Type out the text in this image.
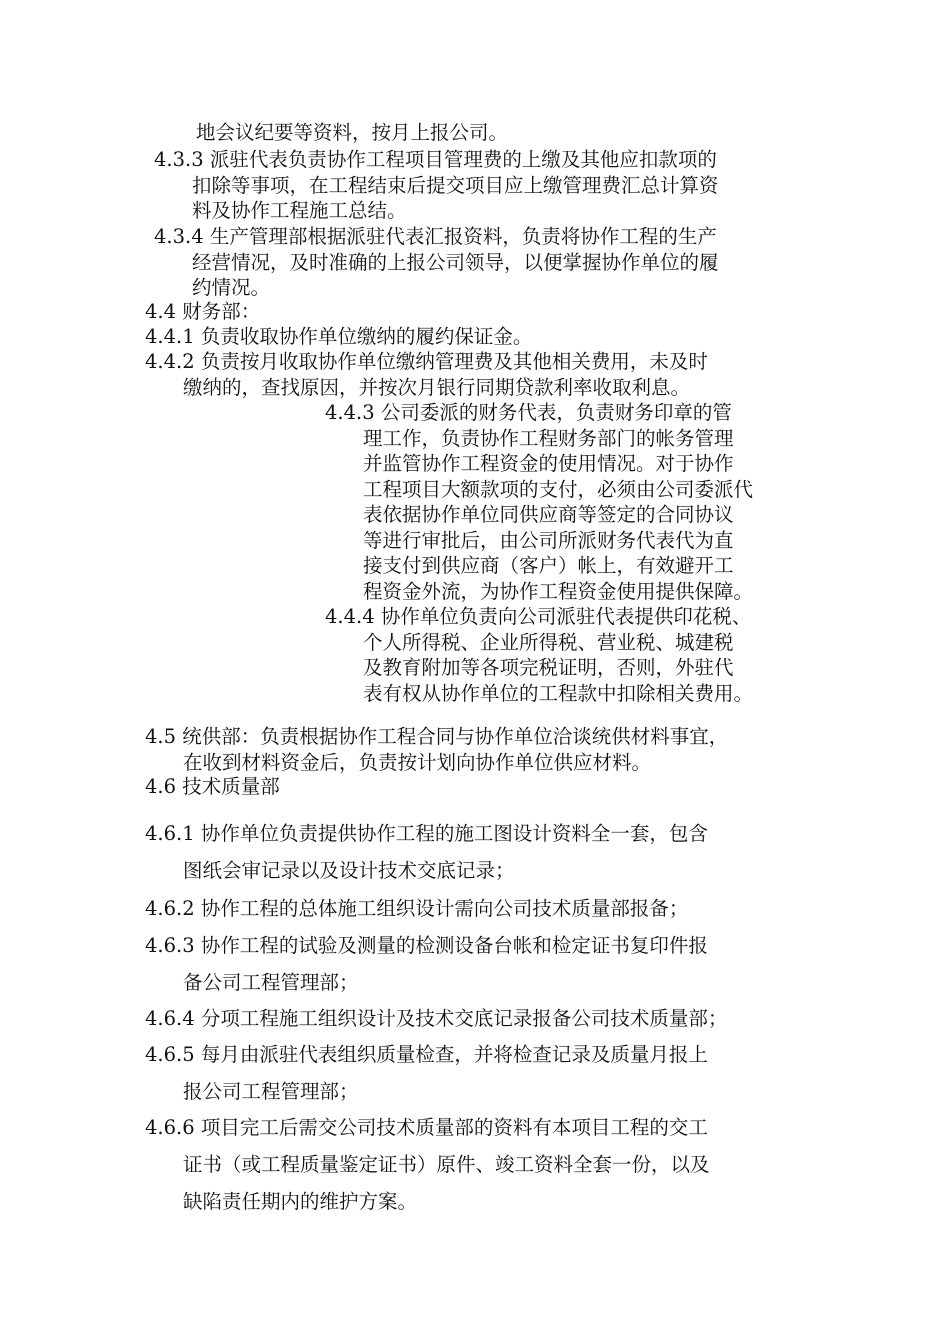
地会议纪要等资料，按月上报公司。
4.3.3 派驻代表负责协作工程项目管理费的上缴及其他应扣款项的
扣除等事项，在工程结束后提交项目应上缴管理费汇总计算资
料及协作工程施工总结。
4.3.4 生产管理部根据派驻代表汇报资料，负责将协作工程的生产
经营情况，及时准确的上报公司领导，以便掌握协作单位的履
约情况。
4.4 财务部：
4.4.1 负责收取协作单位缴纳的履约保证金。
4.4.2 负责按月收取协作单位缴纳管理费及其他相关费用，未及时
缴纳的，查找原因，并按次月银行同期贷款利率收取利息。
4.4.3 公司委派的财务代表，负责财务印章的管
理工作，负责协作工程财务部门的帐务管理
并监管协作工程资金的使用情况。对于协作
工程项目大额款项的支付，必须由公司委派代
表依据协作单位同供应商等签定的合同协议
等进行审批后，由公司所派财务代表代为直
接支付到供应商（客户）帐上，有效避开工
程资金外流，为协作工程资金使用提供保障。
4.4.4 协作单位负责向公司派驻代表提供印花税、
个人所得税、企业所得税、营业税、城建税
及教育附加等各项完税证明，否则，外驻代
表有权从协作单位的工程款中扣除相关费用。
4.5 统供部：负责根据协作工程合同与协作单位洽谈统供材料事宜，
在收到材料资金后，负责按计划向协作单位供应材料。
4.6 技术质量部
4.6.1 协作单位负责提供协作工程的施工图设计资料全一套，包含
图纸会审记录以及设计技术交底记录；
4.6.2 协作工程的总体施工组织设计需向公司技术质量部报备；
4.6.3 协作工程的试验及测量的检测设备台帐和检定证书复印件报
备公司工程管理部；
4.6.4 分项工程施工组织设计及技术交底记录报备公司技术质量部；
4.6.5 每月由派驻代表组织质量检查，并将检查记录及质量月报上
报公司工程管理部；
4.6.6 项目完工后需交公司技术质量部的资料有本项目工程的交工
证书（或工程质量鉴定证书）原件、竣工资料全套一份，以及
缺陷责任期内的维护方案。
